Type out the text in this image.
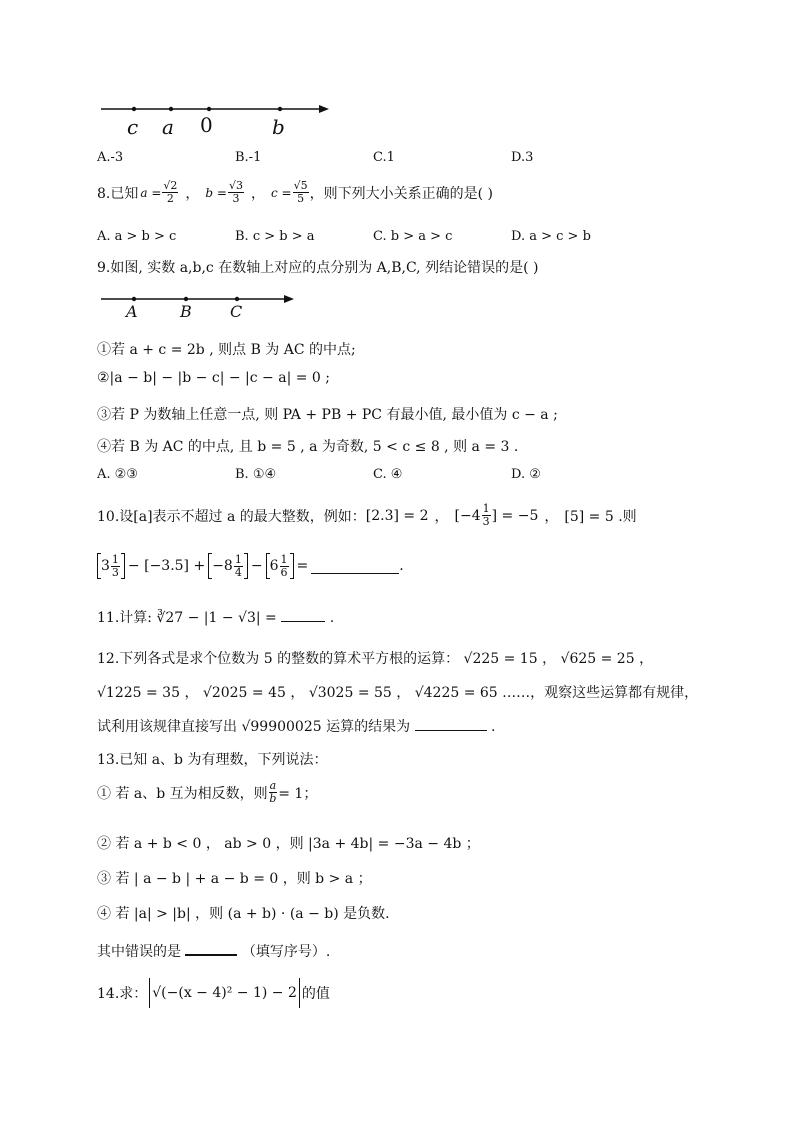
c a 0	b
A.-3	B.-1	C.1	D.3
8.已知 $a = \frac{√2}{2}$ ， $b = \frac{√3}{3}$ ， $c = \frac{√5}{5}$ ，则下列大小关系正确的是( )
A. a > b > c	B. c > b > a	C. b > a > c	D. a > c > b
9.如图, 实数 a,b,c 在数轴上对应的点分别为 A,B,C, 列结论错误的是( )
A	B C
①若 a + c = 2b , 则点 B 为 AC 的中点;
②|a − b| − |b − c| − |c − a| = 0 ;
③若 P 为数轴上任意一点, 则 PA + PB + PC 有最小值, 最小值为 c − a ;
④若 B 为 AC 的中点, 且 b = 5 , a 为奇数, 5 < c ≤ 8 , 则 a = 3 .
A. ②③	B. ①④	C. ④	D. ②
10.设[a]表示不超过 a 的最大整数，例如： [2.3] = 2 ， [$-4 \frac{1}{3}$ ] = −5 ， [5] = 5 .则
$3 \frac{1}{3} - [-3.5] + -8 \frac{1}{4} - 6 \frac{1}{6}$ =	.
11.计算: ∛27 − |1 − √3| =	.
12.下列各式是求个位数为 5 的整数的算术平方根的运算： √225 = 15 ， √625 = 25 ，
√1225 = 35 ， √2025 = 45 ， √3025 = 55 ， √4225 = 65 ……，观察这些运算都有规律，
试利用该规律直接写出 √99900025 运算的结果为	.
13.已知 a、b 为有理数，下列说法：
① 若 a、b 互为相反数，则 $\frac{a}{b} = 1$；
② 若 a + b < 0 ， ab > 0 ，则 |3a + 4b| = −3a − 4b ；
③ 若 | a − b | + a − b = 0 ，则 b > a ；
④ 若 |a| > |b| ，则 (a + b) · (a − b) 是负数.
其中错误的是	（填写序号）.
14.求： √(−(x − 4)² − 1) − 2 的值
